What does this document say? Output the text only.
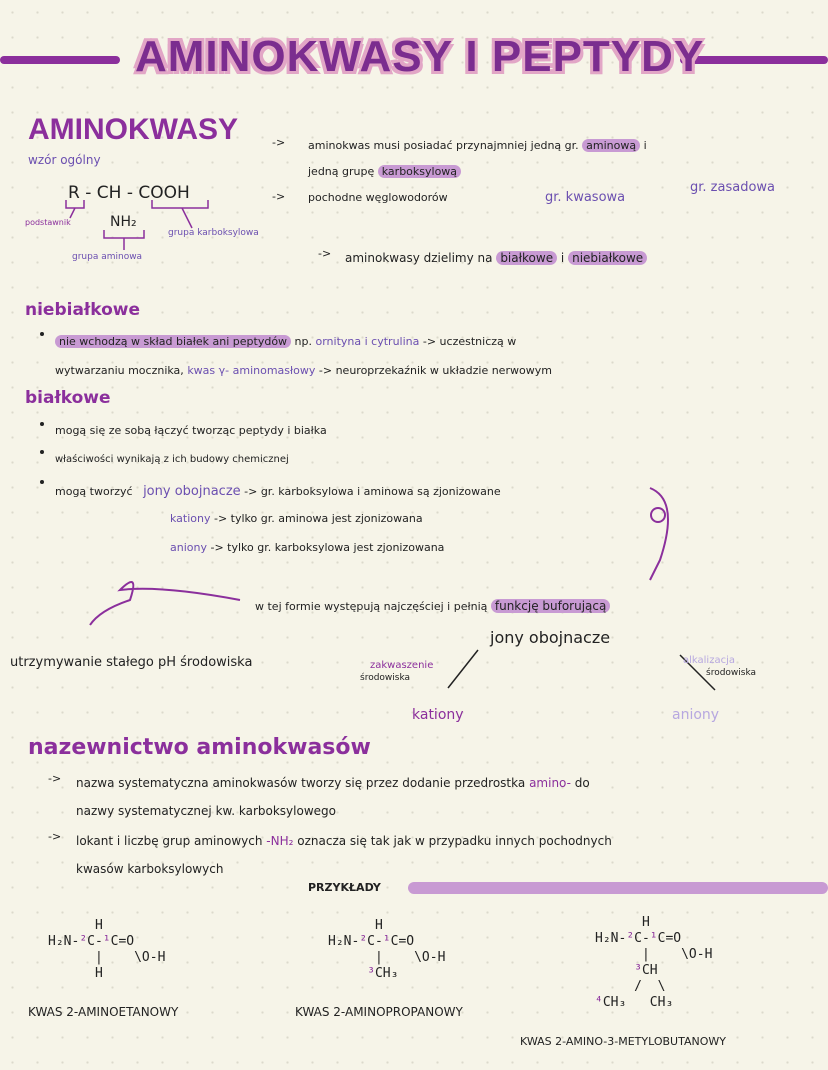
AMINOKWASY I PEPTYDY
AMINOKWASY
wzór ogólny
R - CH - COOH
NH₂
podstawnik
grupa karboksylowa
grupa aminowa
-> aminokwas musi posiadać przynajmniej jedną gr. aminową i
jedną grupę karboksylową
gr. kwasowa
gr. zasadowa
-> pochodne węglowodorów
-> aminokwasy dzielimy na białkowe i niebiałkowe
niebiałkowe
nie wchodzą w skład białek ani peptydów np. ornityna i cytrulina -> uczestniczą w
wytwarzaniu mocznika, kwas γ- aminomasłowy -> neuroprzekaźnik w układzie nerwowym
białkowe
mogą się ze sobą łączyć tworząc peptydy i białka
właściwości wynikają z ich budowy chemicznej
mogą tworzyć jony obojnacze -> gr. karboksylowa i aminowa są zjonizowane
kationy -> tylko gr. aminowa jest zjonizowana
aniony -> tylko gr. karboksylowa jest zjonizowana
w tej formie występują najczęściej i pełnią funkcję buforującą
utrzymywanie stałego pH środowiska
jony obojnacze
zakwaszenie
środowiska
kationy
alkalizacja
środowiska
aniony
nazewnictwo aminokwasów
-> nazwa systematyczna aminokwasów tworzy się przez dodanie przedrostka amino- do
nazwy systematycznej kw. karboksylowego
-> lokant i liczbę grup aminowych -NH₂ oznacza się tak jak w przypadku innych pochodnych
kwasów karboksylowych
PRZYKŁADY
H
H₂N-²C-¹C=O
|    \O-H
H
KWAS 2-AMINOETANOWY
H
H₂N-²C-¹C=O
|    \O-H
³CH₃
KWAS 2-AMINOPROPANOWY
H
H₂N-²C-¹C=O
|    \O-H
³CH
/  \
⁴CH₃   CH₃
KWAS 2-AMINO-3-METYLOBUTANOWY
